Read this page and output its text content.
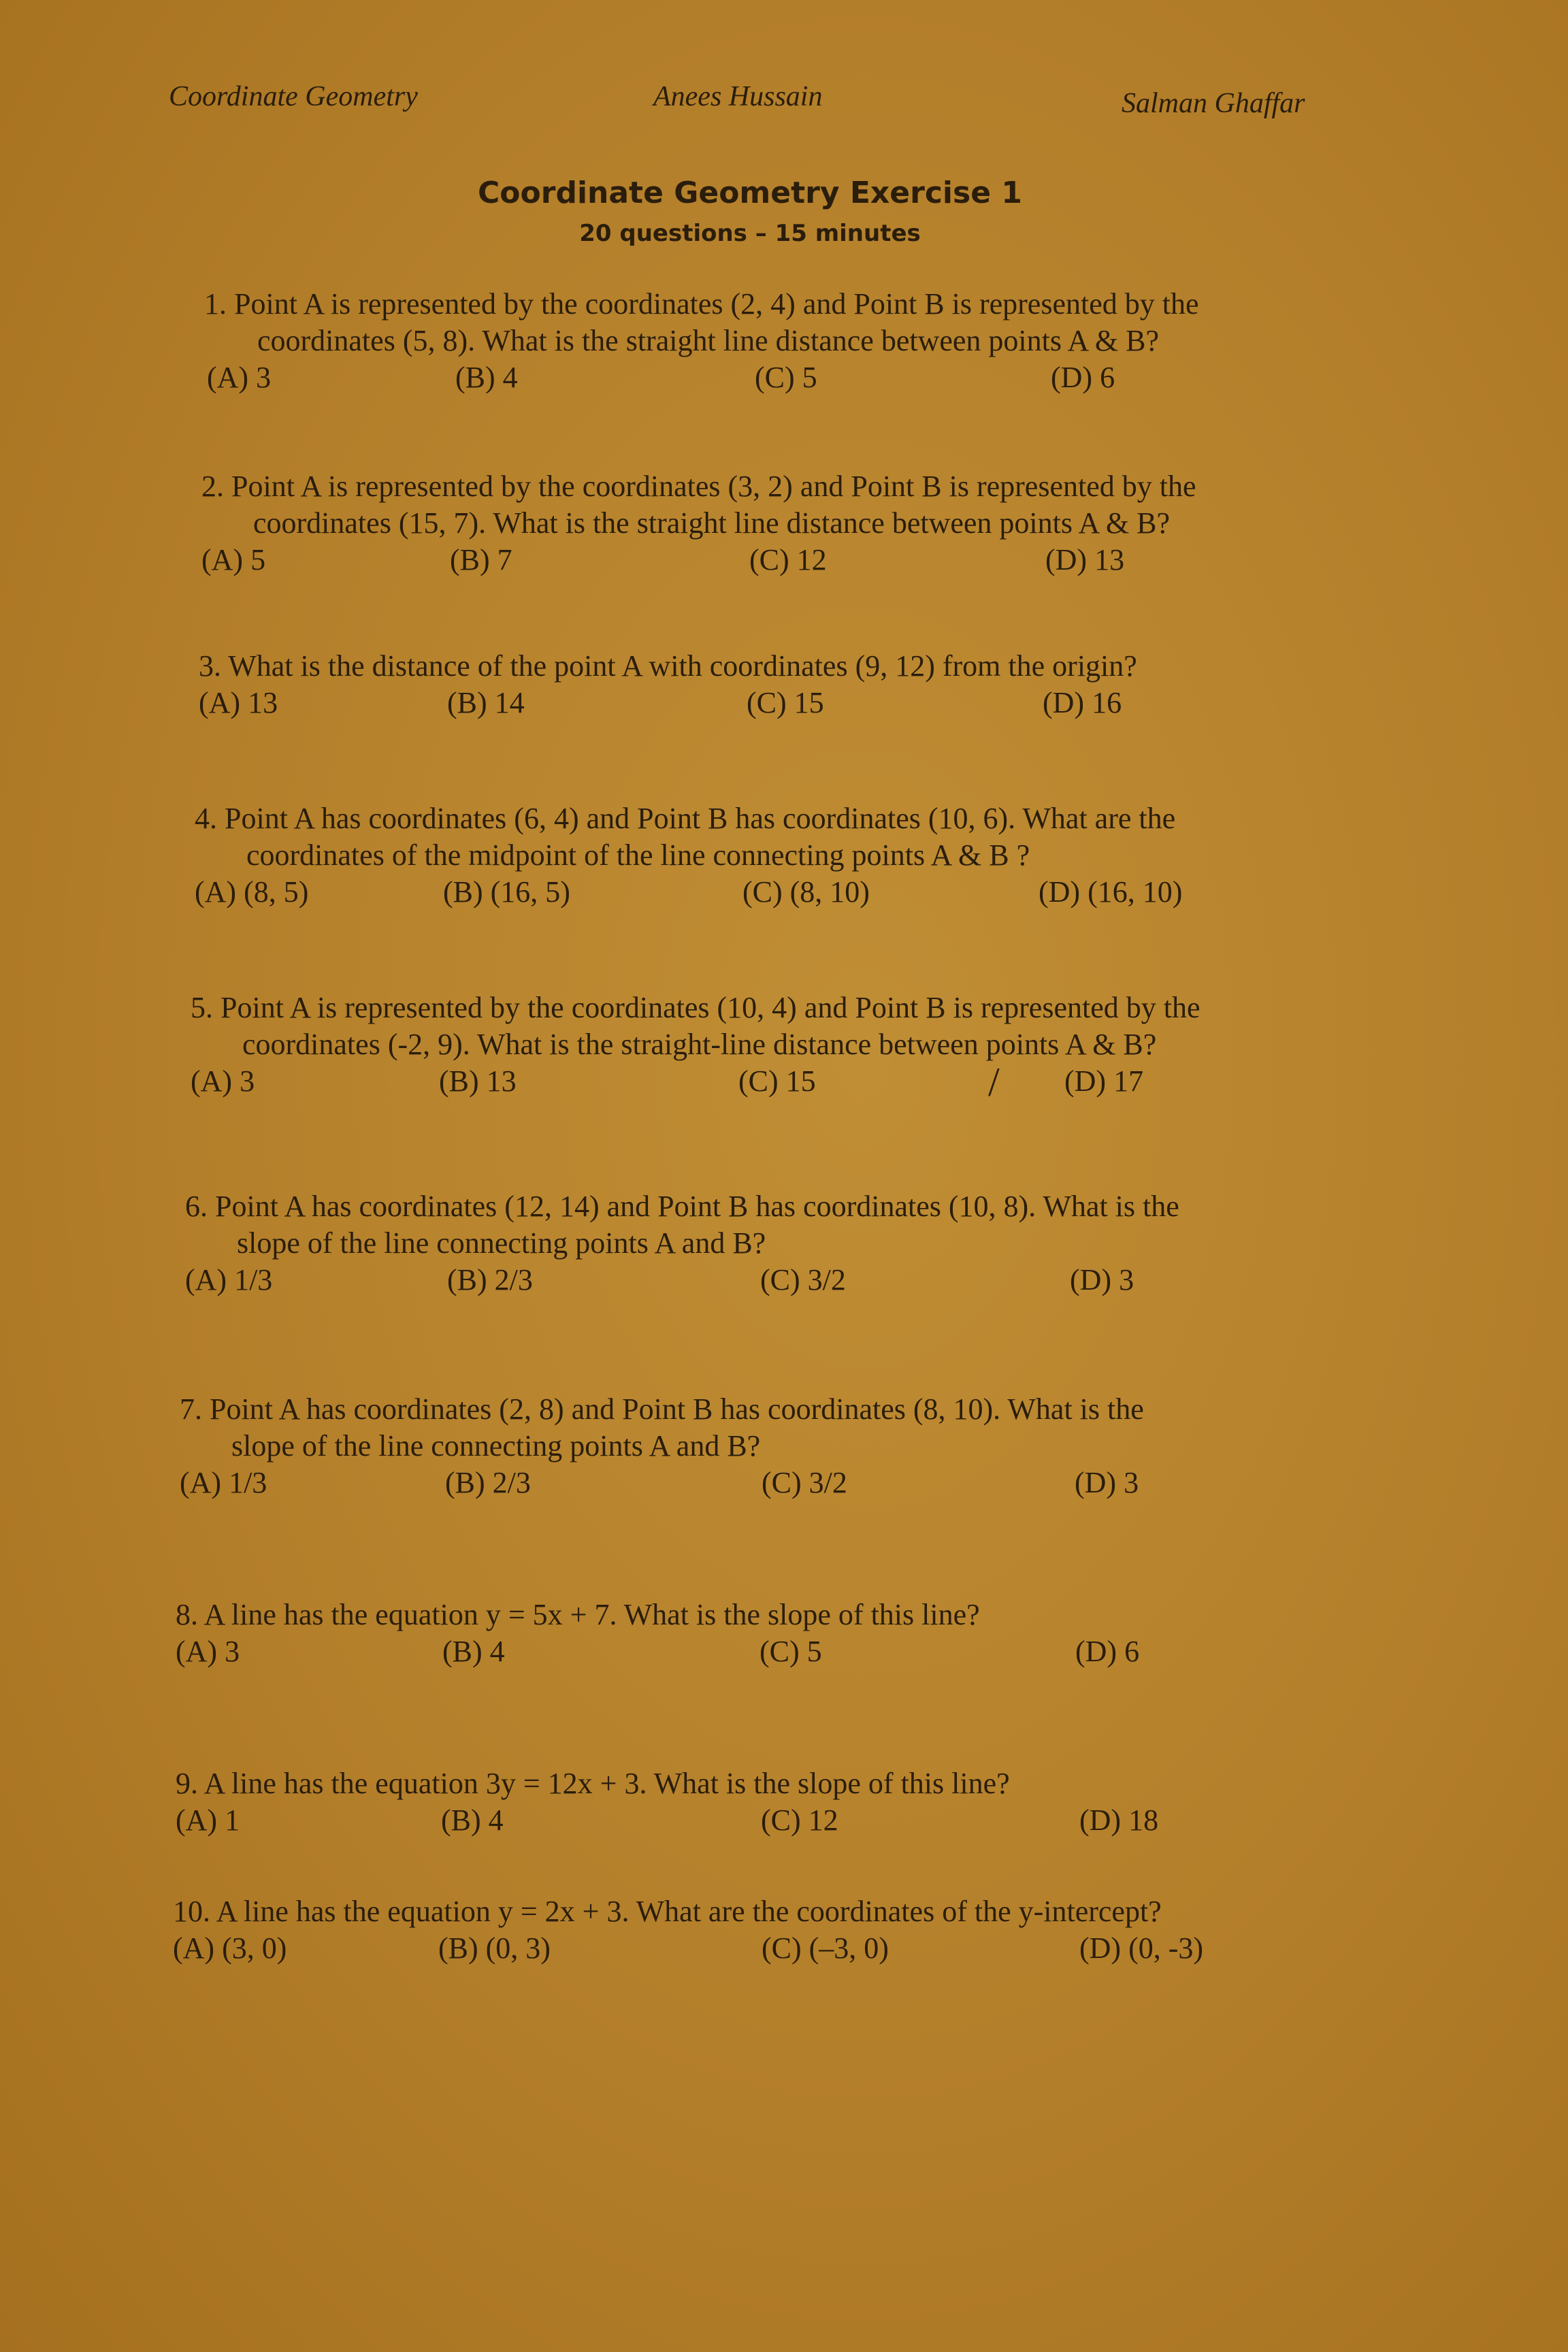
Coordinate Geometry	Anees Hussain	Salman Ghaffar
Coordinate Geometry Exercise 1
20 questions – 15 minutes
1. Point A is represented by the coordinates (2, 4) and Point B is represented by the
coordinates (5, 8). What is the straight line distance between points A & B?
(A) 3	(B) 4	(C) 5	(D) 6
2. Point A is represented by the coordinates (3, 2) and Point B is represented by the
coordinates (15, 7). What is the straight line distance between points A & B?
(A) 5	(B) 7	(C) 12	(D) 13
3. What is the distance of the point A with coordinates (9, 12) from the origin?
(A) 13	(B) 14	(C) 15	(D) 16
4. Point A has coordinates (6, 4) and Point B has coordinates (10, 6). What are the
coordinates of the midpoint of the line connecting points A & B ?
(A) (8, 5)	(B) (16, 5)	(C) (8, 10)	(D) (16, 10)
5. Point A is represented by the coordinates (10, 4) and Point B is represented by the
coordinates (-2, 9). What is the straight-line distance between points A & B?
(A) 3	(B) 13	(C) 15	(D) 17
/
6. Point A has coordinates (12, 14) and Point B has coordinates (10, 8). What is the
slope of the line connecting points A and B?
(A) 1/3	(B) 2/3	(C) 3/2	(D) 3
7. Point A has coordinates (2, 8) and Point B has coordinates (8, 10). What is the
slope of the line connecting points A and B?
(A) 1/3	(B) 2/3	(C) 3/2	(D) 3
8. A line has the equation y = 5x + 7. What is the slope of this line?
(A) 3	(B) 4	(C) 5	(D) 6
9. A line has the equation 3y = 12x + 3. What is the slope of this line?
(A) 1	(B) 4	(C) 12	(D) 18
10. A line has the equation y = 2x + 3. What are the coordinates of the y-intercept?
(A) (3, 0)	(B) (0, 3)	(C) (–3, 0)	(D) (0, -3)
